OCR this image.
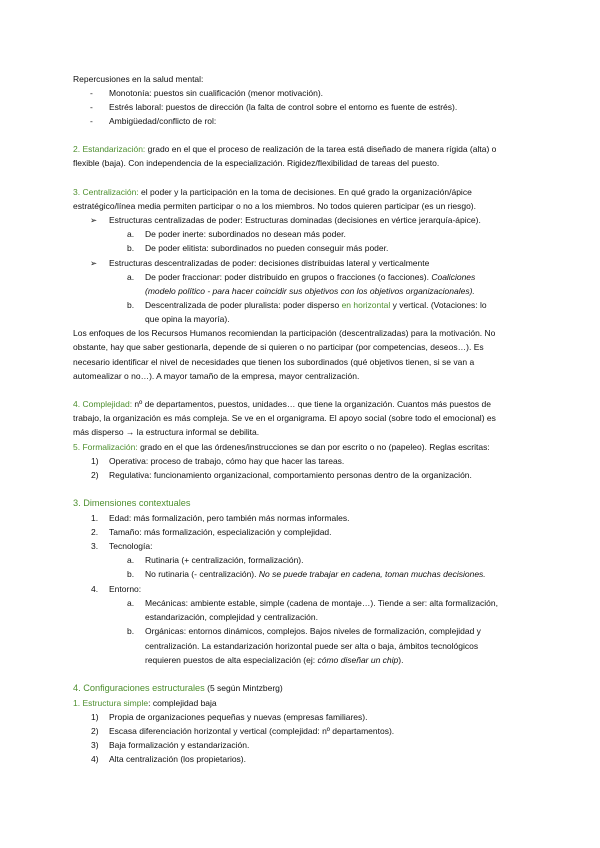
Repercusiones en la salud mental:
- Monotonía: puestos sin cualificación (menor motivación).
- Estrés laboral: puestos de dirección (la falta de control sobre el entorno es fuente de estrés).
- Ambigüedad/conflicto de rol:
2. Estandarización: grado en el que el proceso de realización de la tarea está diseñado de manera rígida (alta) o
flexible (baja). Con independencia de la especialización. Rigidez/flexibilidad de tareas del puesto.
3. Centralización: el poder y la participación en la toma de decisiones. En qué grado la organización/ápice
estratégico/línea media permiten participar o no a los miembros. No todos quieren participar (es un riesgo).
➢ Estructuras centralizadas de poder: Estructuras dominadas (decisiones en vértice jerarquía-ápice).
a. De poder inerte: subordinados no desean más poder.
b. De poder elitista: subordinados no pueden conseguir más poder.
➢ Estructuras descentralizadas de poder: decisiones distribuidas lateral y verticalmente
a. De poder fraccionar: poder distribuido en grupos o fracciones (o facciones). Coaliciones
(modelo político - para hacer coincidir sus objetivos con los objetivos organizacionales).
b. Descentralizada de poder pluralista: poder disperso en horizontal y vertical. (Votaciones: lo
que opina la mayoría).
Los enfoques de los Recursos Humanos recomiendan la participación (descentralizadas) para la motivación. No
obstante, hay que saber gestionarla, depende de si quieren o no participar (por competencias, deseos…). Es
necesario identificar el nivel de necesidades que tienen los subordinados (qué objetivos tienen, si se van a
automealizar o no…). A mayor tamaño de la empresa, mayor centralización.
4. Complejidad: nº de departamentos, puestos, unidades… que tiene la organización. Cuantos más puestos de
trabajo, la organización es más compleja. Se ve en el organigrama. El apoyo social (sobre todo el emocional) es
más disperso → la estructura informal se debilita.
5. Formalización: grado en el que las órdenes/instrucciones se dan por escrito o no (papeleo). Reglas escritas:
1) Operativa: proceso de trabajo, cómo hay que hacer las tareas.
2) Regulativa: funcionamiento organizacional, comportamiento personas dentro de la organización.
3. Dimensiones contextuales
1. Edad: más formalización, pero también más normas informales.
2. Tamaño: más formalización, especialización y complejidad.
3. Tecnología:
a. Rutinaria (+ centralización, formalización).
b. No rutinaria (- centralización). No se puede trabajar en cadena, toman muchas decisiones.
4. Entorno:
a. Mecánicas: ambiente estable, simple (cadena de montaje…). Tiende a ser: alta formalización,
estandarización, complejidad y centralización.
b. Orgánicas: entornos dinámicos, complejos. Bajos niveles de formalización, complejidad y
centralización. La estandarización horizontal puede ser alta o baja, ámbitos tecnológicos
requieren puestos de alta especialización (ej: cómo diseñar un chip).
4. Configuraciones estructurales (5 según Mintzberg)
1. Estructura simple: complejidad baja
1) Propia de organizaciones pequeñas y nuevas (empresas familiares).
2) Escasa diferenciación horizontal y vertical (complejidad: nº departamentos).
3) Baja formalización y estandarización.
4) Alta centralización (los propietarios).
